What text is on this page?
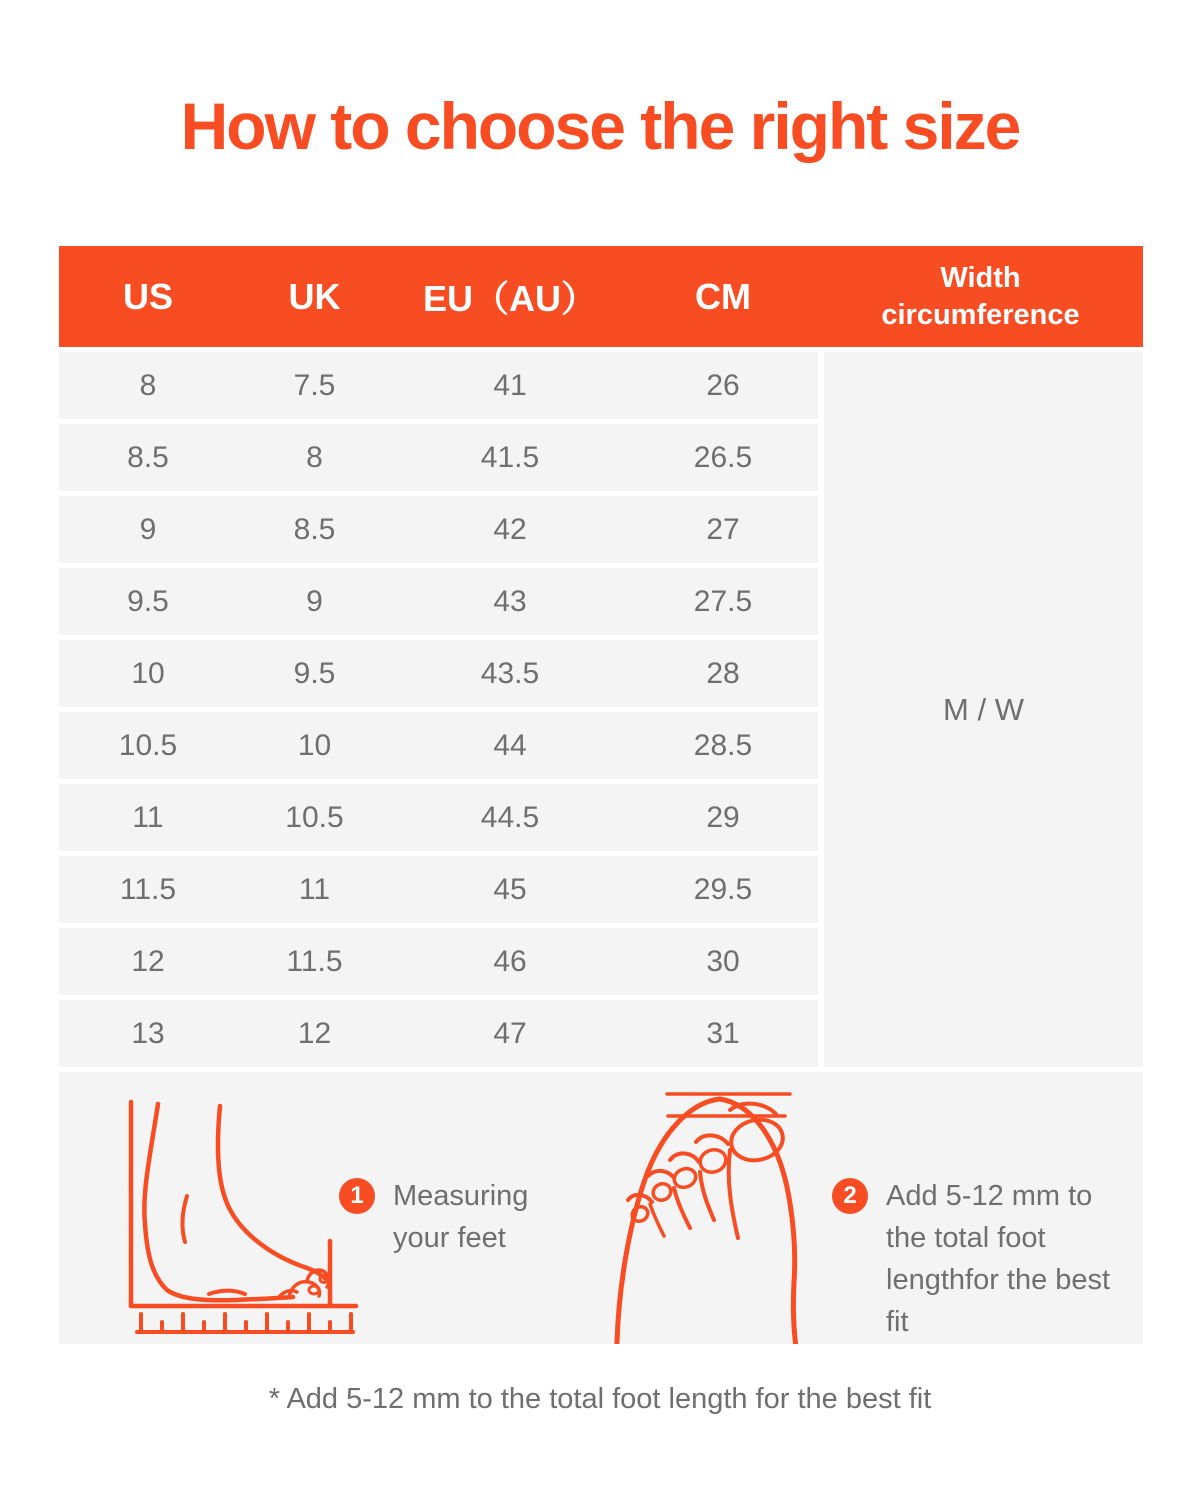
How to choose the right size
US	UK	EU（AU）	CM	Width circumference
M / W
8	7.5	41	26
8.5	8	41.5	26.5
9	8.5	42	27
9.5	9	43	27.5
10	9.5	43.5	28
10.5	10	44	28.5
11	10.5	44.5	29
11.5	11	45	29.5
12	11.5	46	30
13	12	47	31
1	Measuring your feet
2	Add 5-12 mm to the total foot lengthfor the best fit
* Add 5-12 mm to the total foot length for the best fit
